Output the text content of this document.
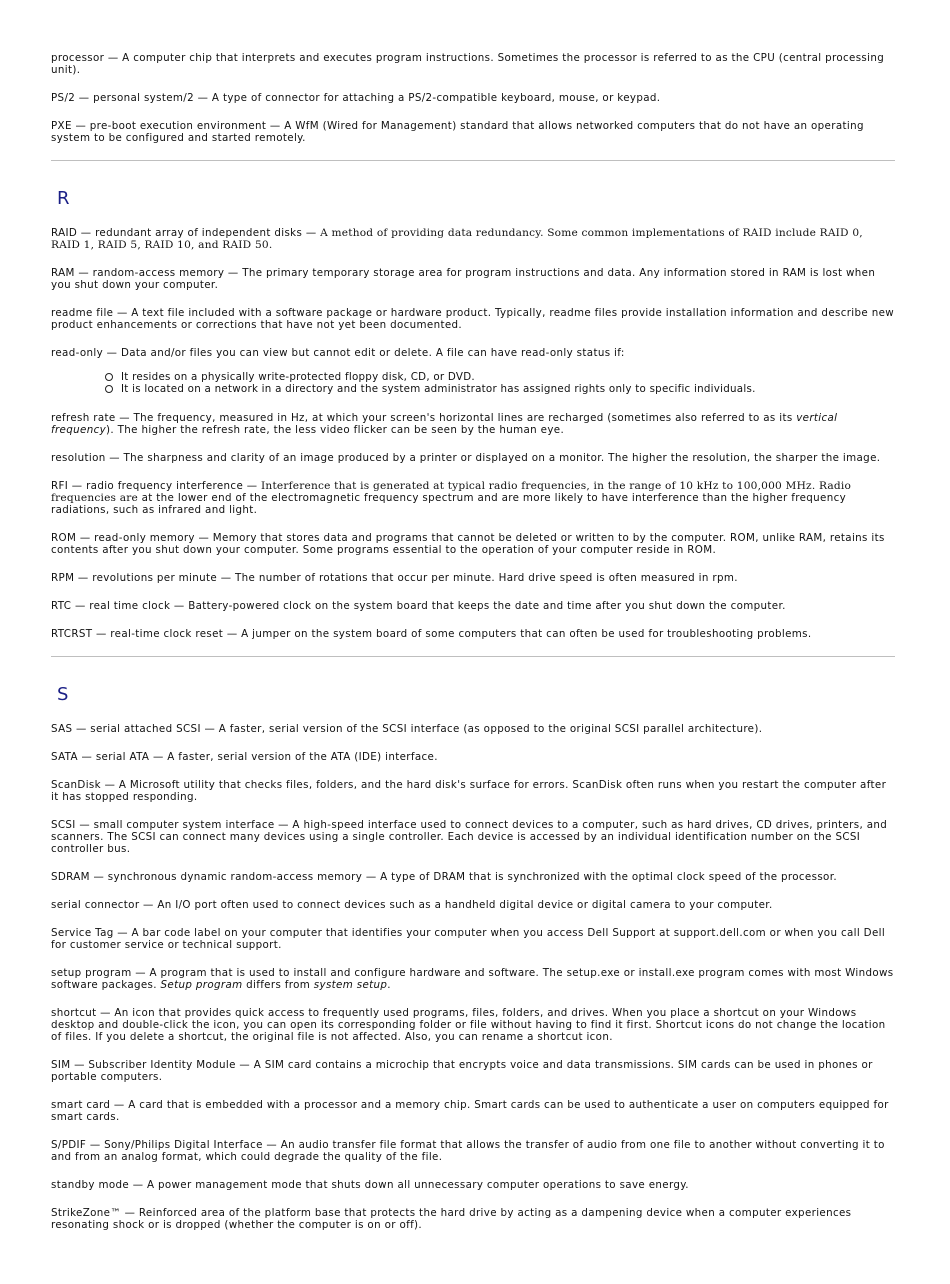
processor — A computer chip that interprets and executes program instructions. Sometimes the processor is referred to as the CPU (central processing unit).

PS/2 — personal system/2 — A type of connector for attaching a PS/2-compatible keyboard, mouse, or keypad.

PXE — pre-boot execution environment — A WfM (Wired for Management) standard that allows networked computers that do not have an operating system to be configured and started remotely.

R

RAID — redundant array of independent disks — A method of providing data redundancy. Some common implementations of RAID include RAID 0, RAID 1, RAID 5, RAID 10, and RAID 50.

RAM — random-access memory — The primary temporary storage area for program instructions and data. Any information stored in RAM is lost when you shut down your computer.

readme file — A text file included with a software package or hardware product. Typically, readme files provide installation information and describe new product enhancements or corrections that have not yet been documented.

read-only — Data and/or files you can view but cannot edit or delete. A file can have read-only status if:

It resides on a physically write-protected floppy disk, CD, or DVD.
It is located on a network in a directory and the system administrator has assigned rights only to specific individuals.

refresh rate — The frequency, measured in Hz, at which your screen's horizontal lines are recharged (sometimes also referred to as its vertical frequency). The higher the refresh rate, the less video flicker can be seen by the human eye.

resolution — The sharpness and clarity of an image produced by a printer or displayed on a monitor. The higher the resolution, the sharper the image.

RFI — radio frequency interference — Interference that is generated at typical radio frequencies, in the range of 10 kHz to 100,000 MHz. Radio frequencies are at the lower end of the electromagnetic frequency spectrum and are more likely to have interference than the higher frequency radiations, such as infrared and light.

ROM — read-only memory — Memory that stores data and programs that cannot be deleted or written to by the computer. ROM, unlike RAM, retains its contents after you shut down your computer. Some programs essential to the operation of your computer reside in ROM.

RPM — revolutions per minute — The number of rotations that occur per minute. Hard drive speed is often measured in rpm.

RTC — real time clock — Battery-powered clock on the system board that keeps the date and time after you shut down the computer.

RTCRST — real-time clock reset — A jumper on the system board of some computers that can often be used for troubleshooting problems.

S

SAS — serial attached SCSI — A faster, serial version of the SCSI interface (as opposed to the original SCSI parallel architecture).

SATA — serial ATA — A faster, serial version of the ATA (IDE) interface.

ScanDisk — A Microsoft utility that checks files, folders, and the hard disk's surface for errors. ScanDisk often runs when you restart the computer after it has stopped responding.

SCSI — small computer system interface — A high-speed interface used to connect devices to a computer, such as hard drives, CD drives, printers, and scanners. The SCSI can connect many devices using a single controller. Each device is accessed by an individual identification number on the SCSI controller bus.

SDRAM — synchronous dynamic random-access memory — A type of DRAM that is synchronized with the optimal clock speed of the processor.

serial connector — An I/O port often used to connect devices such as a handheld digital device or digital camera to your computer.

Service Tag — A bar code label on your computer that identifies your computer when you access Dell Support at support.dell.com or when you call Dell for customer service or technical support.

setup program — A program that is used to install and configure hardware and software. The setup.exe or install.exe program comes with most Windows software packages. Setup program differs from system setup.

shortcut — An icon that provides quick access to frequently used programs, files, folders, and drives. When you place a shortcut on your Windows desktop and double-click the icon, you can open its corresponding folder or file without having to find it first. Shortcut icons do not change the location of files. If you delete a shortcut, the original file is not affected. Also, you can rename a shortcut icon.

SIM — Subscriber Identity Module — A SIM card contains a microchip that encrypts voice and data transmissions. SIM cards can be used in phones or portable computers.

smart card — A card that is embedded with a processor and a memory chip. Smart cards can be used to authenticate a user on computers equipped for smart cards.

S/PDIF — Sony/Philips Digital Interface — An audio transfer file format that allows the transfer of audio from one file to another without converting it to and from an analog format, which could degrade the quality of the file.

standby mode — A power management mode that shuts down all unnecessary computer operations to save energy.

StrikeZone™ — Reinforced area of the platform base that protects the hard drive by acting as a dampening device when a computer experiences resonating shock or is dropped (whether the computer is on or off).
